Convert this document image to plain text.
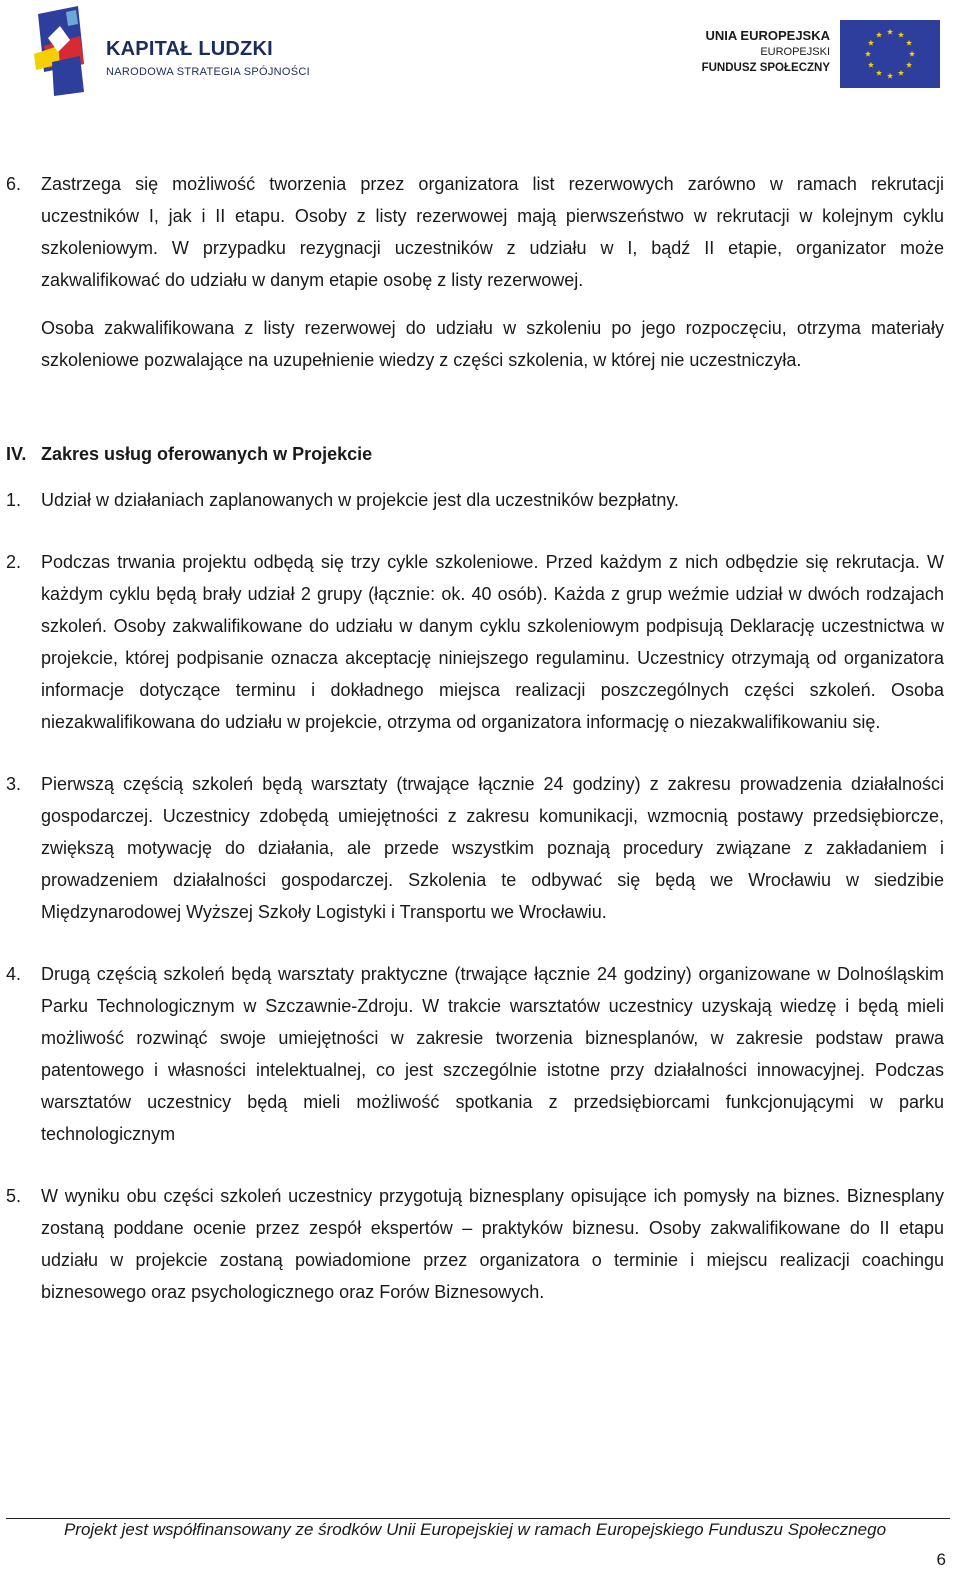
KAPITAŁ LUDZKI
NARODOWA STRATEGIA SPÓJNOŚCI
UNIA EUROPEJSKA
EUROPEJSKI
FUNDUSZ SPOŁECZNY
6. Zastrzega się możliwość tworzenia przez organizatora list rezerwowych zarówno w ramach rekrutacji uczestników I, jak i II etapu. Osoby z listy rezerwowej mają pierwszeństwo w rekrutacji w kolejnym cyklu szkoleniowym. W przypadku rezygnacji uczestników z udziału w I, bądź II etapie, organizator może zakwalifikować do udziału w danym etapie osobę z listy rezerwowej.
Osoba zakwalifikowana z listy rezerwowej do udziału w szkoleniu po jego rozpoczęciu, otrzyma materiały szkoleniowe pozwalające na uzupełnienie wiedzy z części szkolenia, w której nie uczestniczyła.
IV. Zakres usług oferowanych w Projekcie
1. Udział w działaniach zaplanowanych w projekcie jest dla uczestników bezpłatny.
2. Podczas trwania projektu odbędą się trzy cykle szkoleniowe. Przed każdym z nich odbędzie się rekrutacja. W każdym cyklu będą brały udział 2 grupy (łącznie: ok. 40 osób). Każda z grup weźmie udział w dwóch rodzajach szkoleń. Osoby zakwalifikowane do udziału w danym cyklu szkoleniowym podpisują Deklarację uczestnictwa w projekcie, której podpisanie oznacza akceptację niniejszego regulaminu. Uczestnicy otrzymają od organizatora informacje dotyczące terminu i dokładnego miejsca realizacji poszczególnych części szkoleń. Osoba niezakwalifikowana do udziału w projekcie, otrzyma od organizatora informację o niezakwalifikowaniu się.
3. Pierwszą częścią szkoleń będą warsztaty (trwające łącznie 24 godziny) z zakresu prowadzenia działalności gospodarczej. Uczestnicy zdobędą umiejętności z zakresu komunikacji, wzmocnią postawy przedsiębiorcze, zwiększą motywację do działania, ale przede wszystkim poznają procedury związane z zakładaniem i prowadzeniem działalności gospodarczej. Szkolenia te odbywać się będą we Wrocławiu w siedzibie Międzynarodowej Wyższej Szkoły Logistyki i Transportu we Wrocławiu.
4. Drugą częścią szkoleń będą warsztaty praktyczne (trwające łącznie 24 godziny) organizowane w Dolnośląskim Parku Technologicznym w Szczawnie-Zdroju. W trakcie warsztatów uczestnicy uzyskają wiedzę i będą mieli możliwość rozwinąć swoje umiejętności w zakresie tworzenia biznesplanów, w zakresie podstaw prawa patentowego i własności intelektualnej, co jest szczególnie istotne przy działalności innowacyjnej. Podczas warsztatów uczestnicy będą mieli możliwość spotkania z przedsiębiorcami funkcjonującymi w parku technologicznym
5. W wyniku obu części szkoleń uczestnicy przygotują biznesplany opisujące ich pomysły na biznes. Biznesplany zostaną poddane ocenie przez zespół ekspertów – praktyków biznesu. Osoby zakwalifikowane do II etapu udziału w projekcie zostaną powiadomione przez organizatora o terminie i miejscu realizacji coachingu biznesowego oraz psychologicznego oraz Forów Biznesowych.
Projekt jest współfinansowany ze środków Unii Europejskiej w ramach Europejskiego Funduszu Społecznego
6
